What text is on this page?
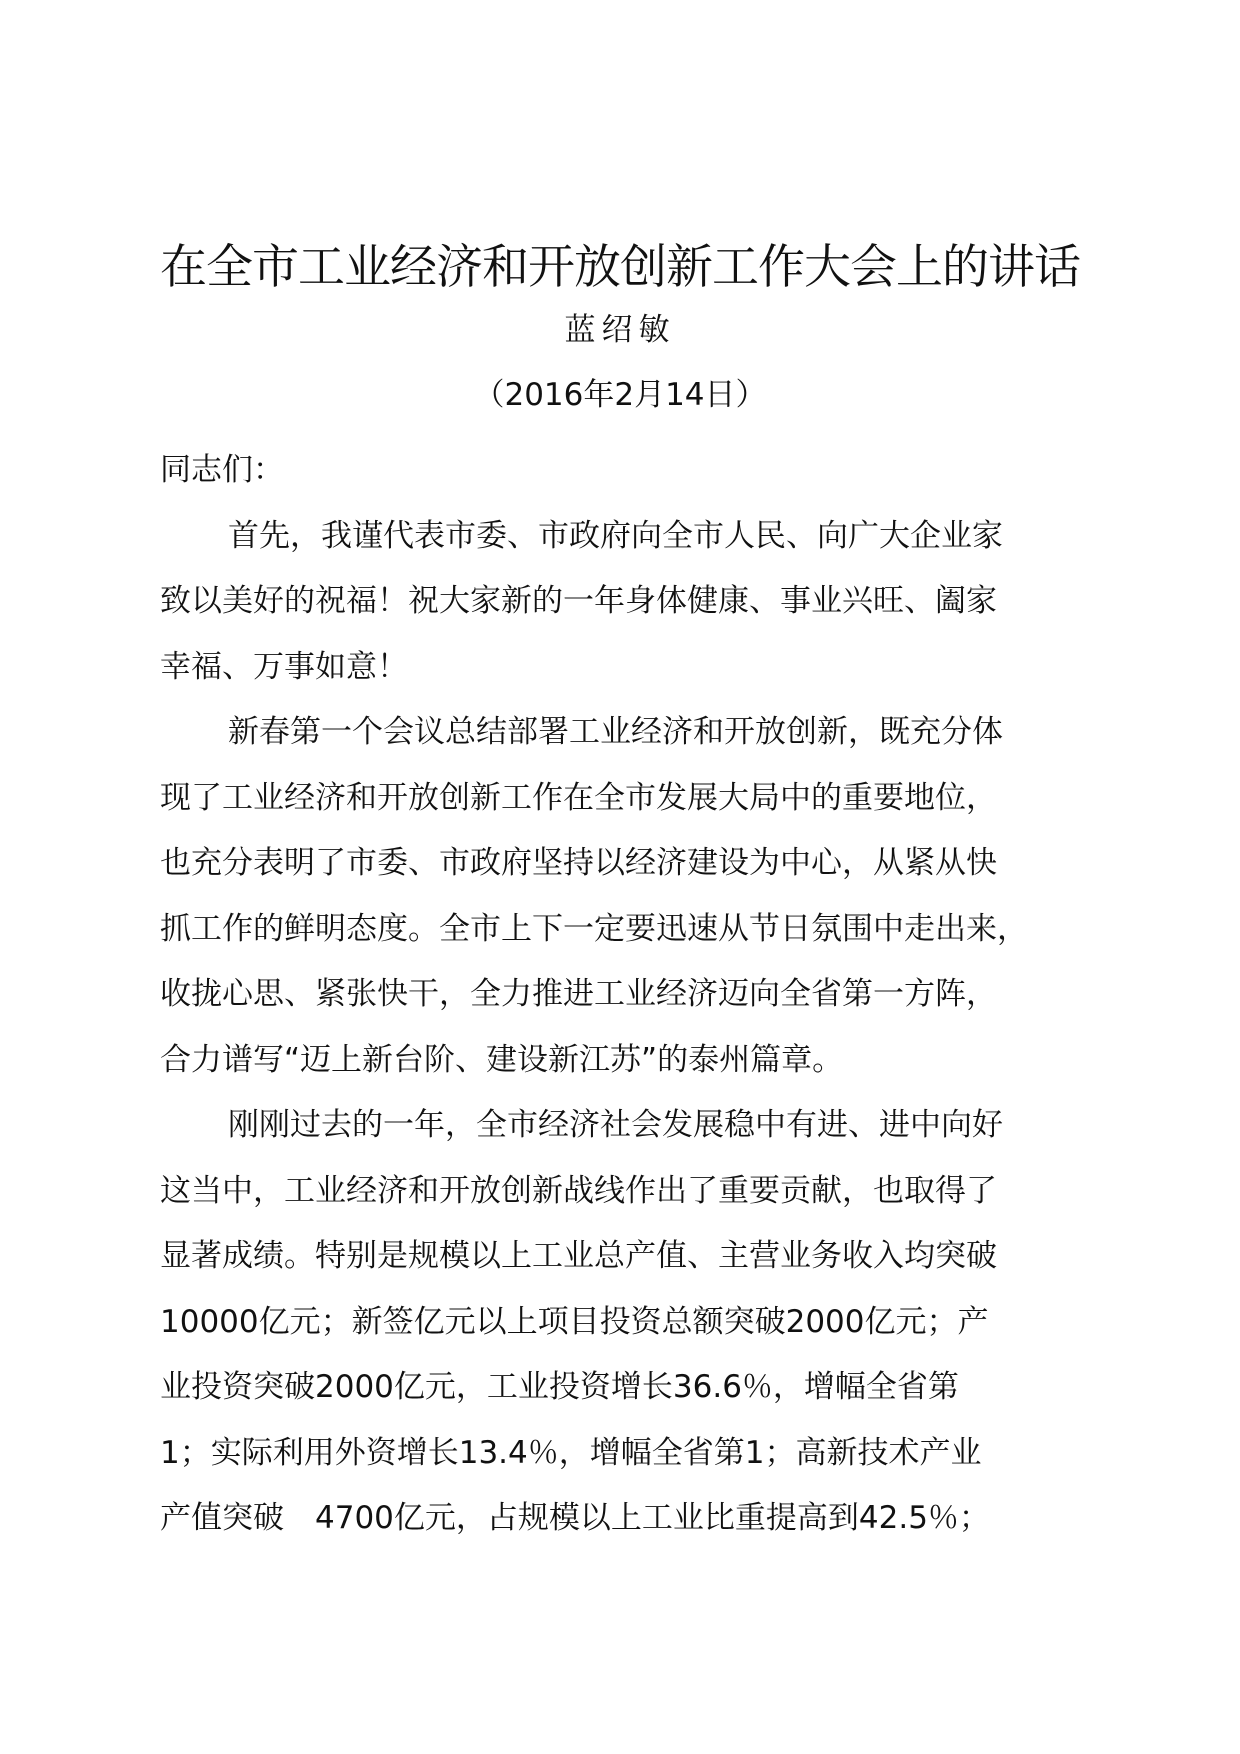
在全市工业经济和开放创新工作大会上的讲话
蓝绍敏
（2016年2月14日）
同志们：
首先，我谨代表市委、市政府向全市人民、向广大企业家
致以美好的祝福！祝大家新的一年身体健康、事业兴旺、阖家
幸福、万事如意！
新春第一个会议总结部署工业经济和开放创新，既充分体
现了工业经济和开放创新工作在全市发展大局中的重要地位，
也充分表明了市委、市政府坚持以经济建设为中心，从紧从快
抓工作的鲜明态度。全市上下一定要迅速从节日氛围中走出来，
收拢心思、紧张快干，全力推进工业经济迈向全省第一方阵，
合力谱写“迈上新台阶、建设新江苏”的泰州篇章。
刚刚过去的一年，全市经济社会发展稳中有进、进中向好
这当中，工业经济和开放创新战线作出了重要贡献，也取得了
显著成绩。特别是规模以上工业总产值、主营业务收入均突破
10000亿元；新签亿元以上项目投资总额突破2000亿元；产
业投资突破2000亿元，工业投资增长36.6％，增幅全省第
1；实际利用外资增长13.4％，增幅全省第1；高新技术产业
产值突破　4700亿元，占规模以上工业比重提高到42.5％；
